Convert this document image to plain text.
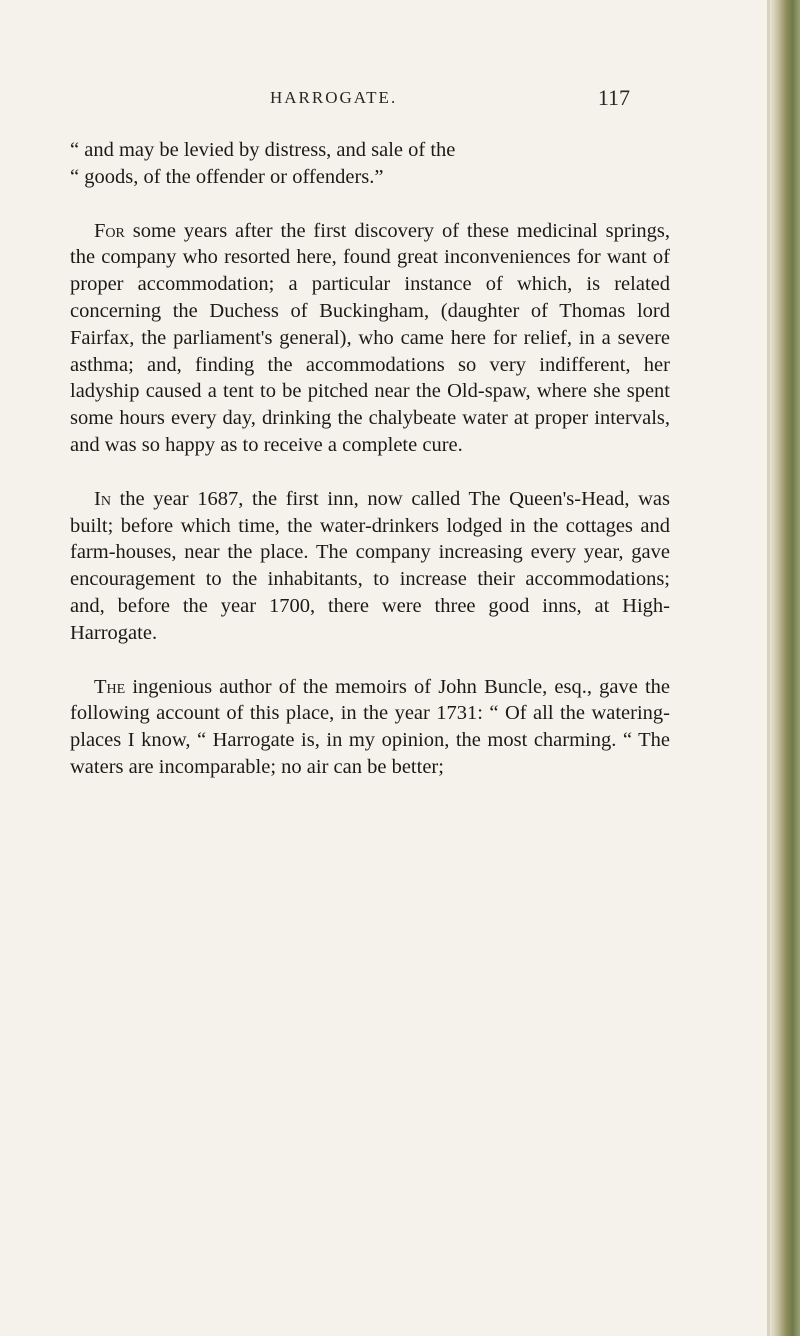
HARROGATE.	117
“ and may be levied by distress, and sale of the
“ goods, of the offender or offenders.”

For some years after the first discovery of these medicinal springs, the company who resorted here, found great inconveniences for want of proper accommodation; a particular instance of which, is related concerning the Duchess of Buckingham, (daughter of Thomas lord Fairfax, the parliament's general), who came here for relief, in a severe asthma; and, finding the accommodations so very indifferent, her ladyship caused a tent to be pitched near the Old-spaw, where she spent some hours every day, drinking the chalybeate water at proper intervals, and was so happy as to receive a complete cure.

In the year 1687, the first inn, now called The Queen's-Head, was built; before which time, the water-drinkers lodged in the cottages and farm-houses, near the place. The company increasing every year, gave encouragement to the inhabitants, to increase their accommodations; and, before the year 1700, there were three good inns, at High-Harrogate.

The ingenious author of the memoirs of John Buncle, esq., gave the following account of this place, in the year 1731: “ Of all the watering-places I know, “ Harrogate is, in my opinion, the most charming. “ The waters are incomparable; no air can be better;
